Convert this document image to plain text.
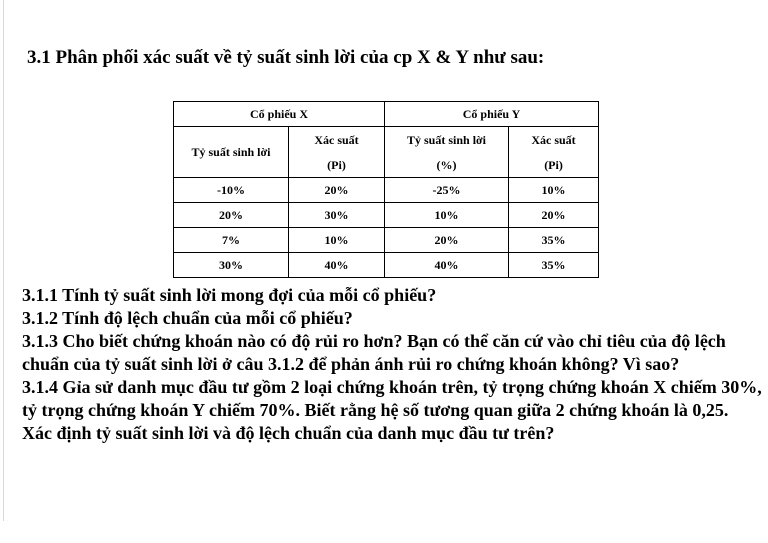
3.1 Phân phối xác suất về tỷ suất sinh lời của cp X & Y như sau:
Cổ phiếu X		Cổ phiếu Y	
Tỷ suất sinh lời	Xác suất	Tỷ suất sinh lời	Xác suất
	(Pi)	(%)	(Pi)
-10%	20%	-25%	10%
20%	30%	10%	20%
7%	10%	20%	35%
30%	40%	40%	35%

3.1.1 Tính tỷ suất sinh lời mong đợi của mỗi cổ phiếu?

3.1.2 Tính độ lệch chuẩn của mỗi cổ phiếu?

3.1.3 Cho biết chứng khoán nào có độ rủi ro hơn? Bạn có thể căn cứ vào chỉ tiêu của độ lệch chuẩn của tỷ suất sinh lời ở câu 3.1.2 để phản ánh rủi ro chứng khoán không? Vì sao?

3.1.4 Gỉa sử danh mục đầu tư gồm 2 loại chứng khoán trên, tỷ trọng chứng khoán X chiếm 30%, tỷ trọng chứng khoán Y chiếm 70%. Biết rằng hệ số tương quan giữa 2 chứng khoán là 0,25. Xác định tỷ suất sinh lời và độ lệch chuẩn của danh mục đầu tư trên?
